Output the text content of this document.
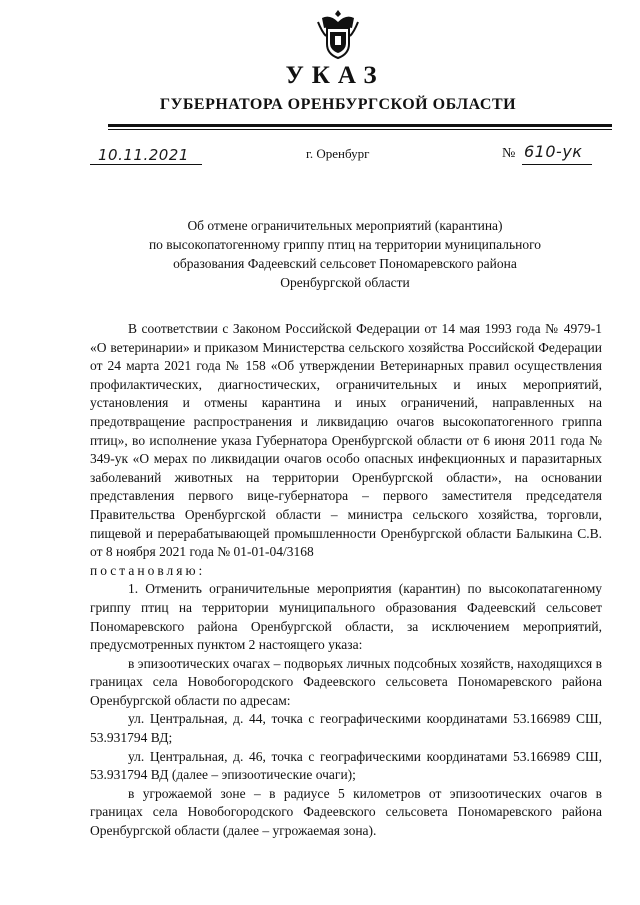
УКАЗ
ГУБЕРНАТОРА ОРЕНБУРГСКОЙ ОБЛАСТИ
10.11.2021	г. Оренбург	№ 610-ук
Об отмене ограничительных мероприятий (карантина)
по высокопатогенному гриппу птиц на территории муниципального
образования Фадеевский сельсовет Пономаревского района
Оренбургской области

В соответствии с Законом Российской Федерации от 14 мая 1993 года № 4979-1 «О ветеринарии» и приказом Министерства сельского хозяйства Российской Федерации от 24 марта 2021 года № 158 «Об утверждении Ветеринарных правил осуществления профилактических, диагностических, ограничительных и иных мероприятий, установления и отмены карантина и иных ограничений, направленных на предотвращение распространения и ликвидацию очагов высокопатогенного гриппа птиц», во исполнение указа Губернатора Оренбургской области от 6 июня 2011 года № 349-ук «О мерах по ликвидации очагов особо опасных инфекционных и паразитарных заболеваний животных на территории Оренбургской области», на основании представления первого вице-губернатора – первого заместителя председателя Правительства Оренбургской области – министра сельского хозяйства, торговли, пищевой и перерабатывающей промышленности Оренбургской области Балыкина С.В. от 8 ноября 2021 года № 01-01-04/3168

постановляю:

1. Отменить ограничительные мероприятия (карантин) по высокопатагенному гриппу птиц на территории муниципального образования Фадеевский сельсовет Пономаревского района Оренбургской области, за исключением мероприятий, предусмотренных пунктом 2 настоящего указа:

в эпизоотических очагах – подворьях личных подсобных хозяйств, находящихся в границах села Новобогородского Фадеевского сельсовета Пономаревского района Оренбургской области по адресам:

ул. Центральная, д. 44, точка с географическими координатами 53.166989 СШ, 53.931794 ВД;

ул. Центральная, д. 46, точка с географическими координатами 53.166989 СШ, 53.931794 ВД (далее – эпизоотические очаги);

в угрожаемой зоне – в радиусе 5 километров от эпизоотических очагов в границах села Новобогородского Фадеевского сельсовета Пономаревского района Оренбургской области (далее – угрожаемая зона).
